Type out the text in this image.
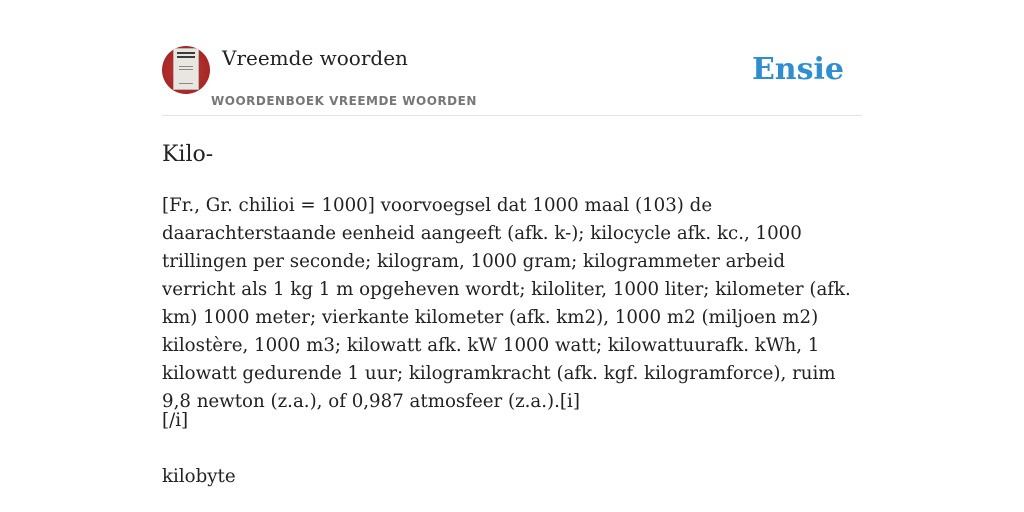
Vreemde woorden
WOORDENBOEK VREEMDE WOORDEN
Ensie
Kilo-

[Fr., Gr. chilioi = 1000] voorvoegsel dat 1000 maal (103) de daarachterstaande eenheid aangeeft (afk. k-); kilocycle afk. kc., 1000 trillingen per seconde; kilogram, 1000 gram; kilogrammeter arbeid verricht als 1 kg 1 m opgeheven wordt; kiloliter, 1000 liter; kilometer (afk. km) 1000 meter; vierkante kilometer (afk. km2), 1000 m2 (miljoen m2) kilostère, 1000 m3; kilowatt afk. kW 1000 watt; kilowattuurafk. kWh, 1 kilowatt gedurende 1 uur; kilogramkracht (afk. kgf. kilogramforce), ruim 9,8 newton (z.a.), of 0,987 atmosfeer (z.a.).[i]

[/i]

kilobyte
